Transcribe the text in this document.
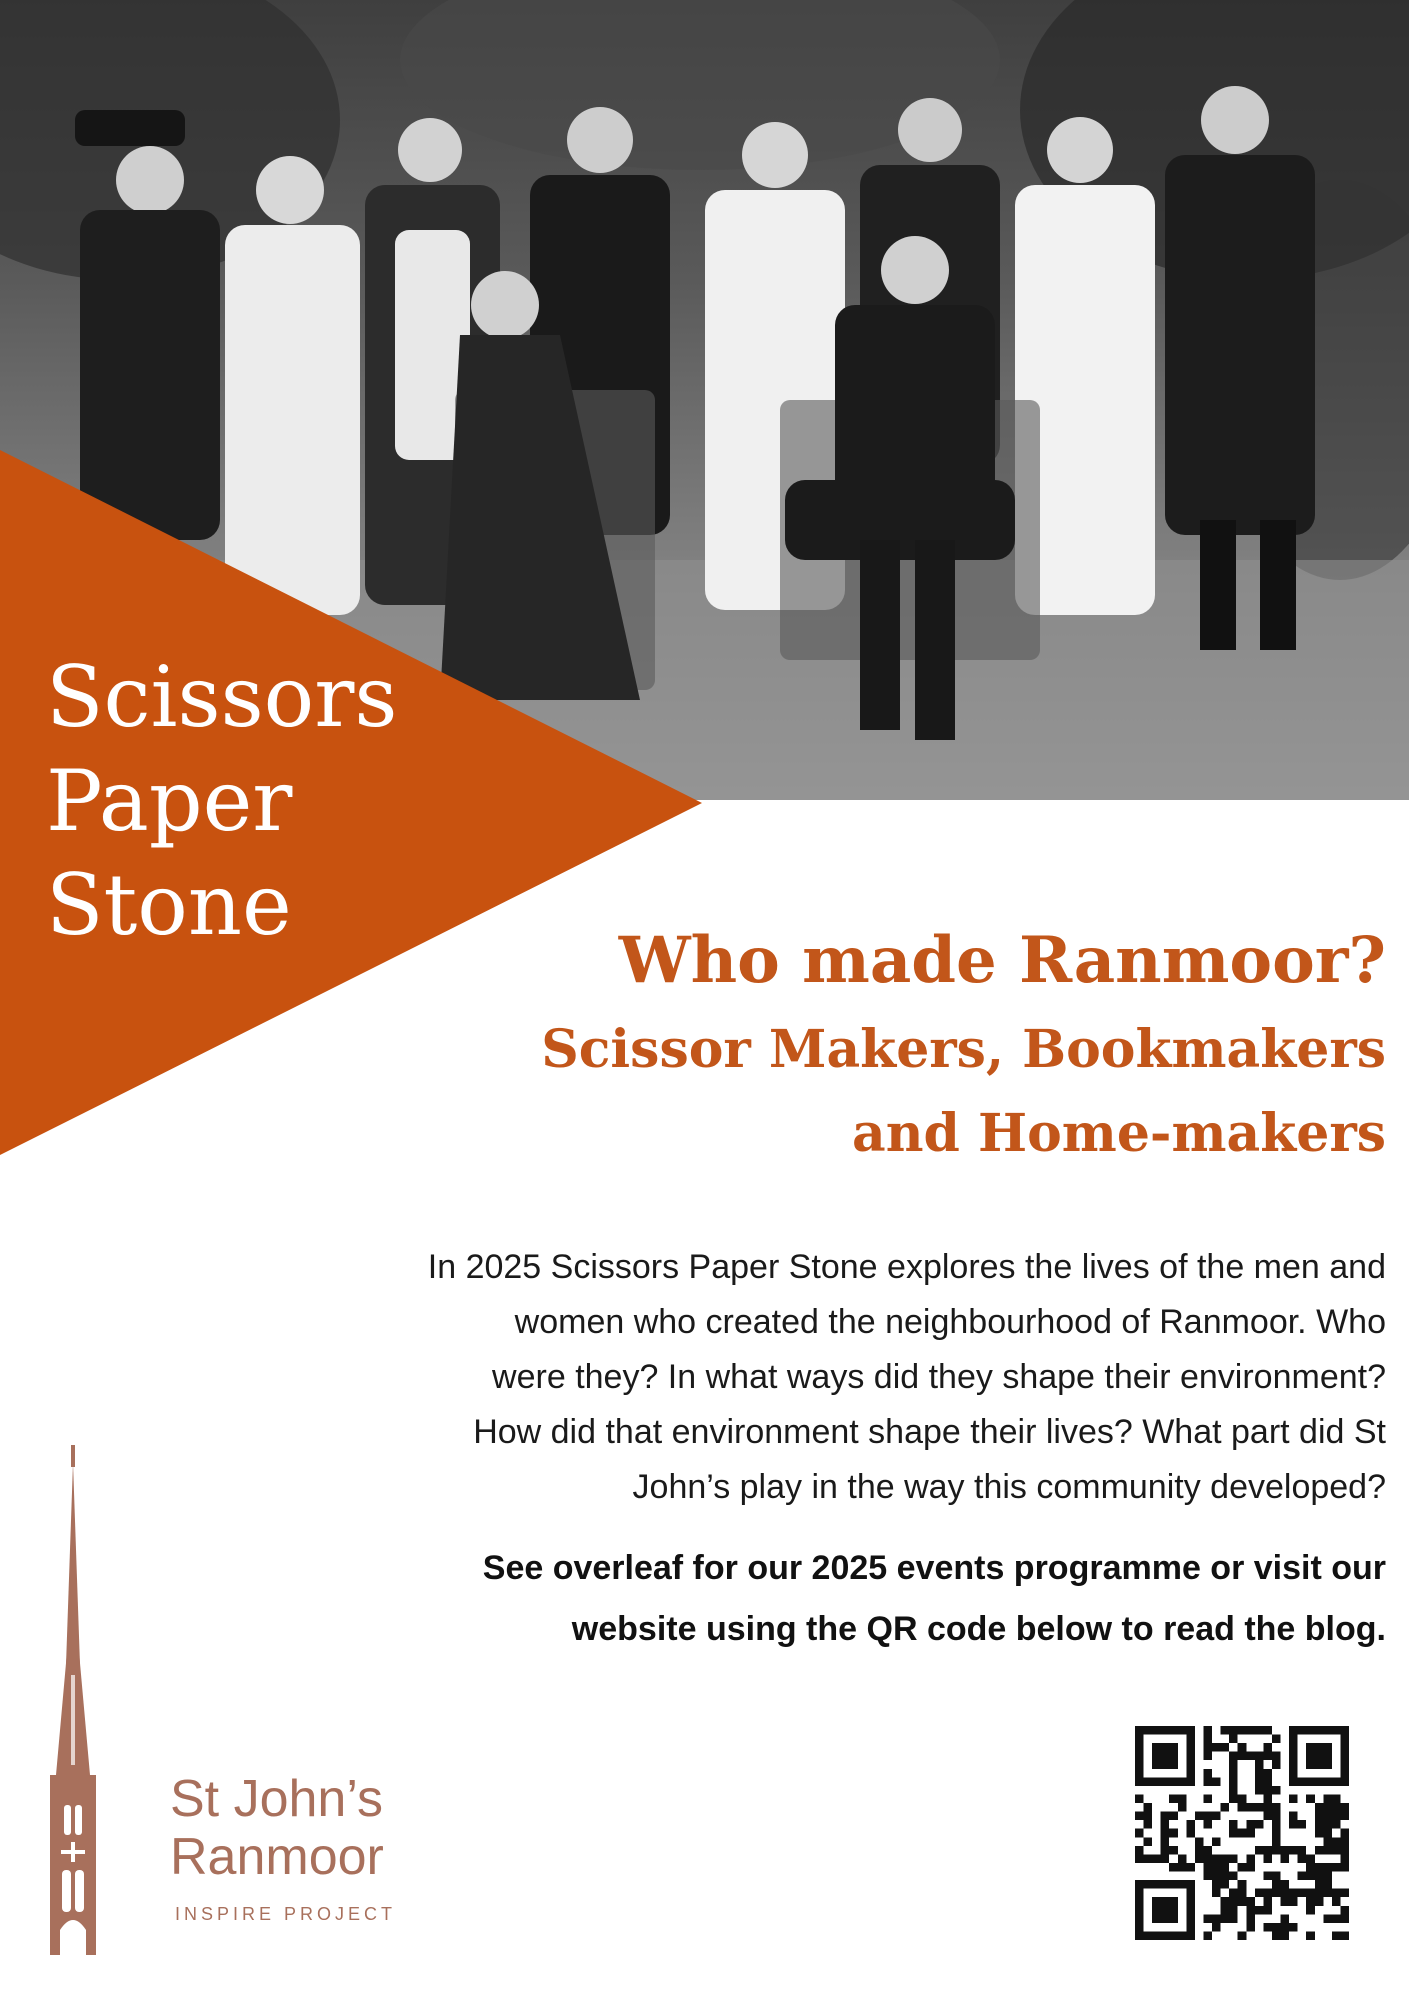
Scissors
Paper
Stone
Who made Ranmoor?
Scissor Makers, Bookmakers
and Home-makers

In 2025 Scissors Paper Stone explores the lives of the men and
women who created the neighbourhood of Ranmoor. Who
were they? In what ways did they shape their environment?
How did that environment shape their lives? What part did St
John’s play in the way this community developed?

See overleaf for our 2025 events programme or visit our
website using the QR code below to read the blog.

St John’s
Ranmoor

INSPIRE PROJECT
